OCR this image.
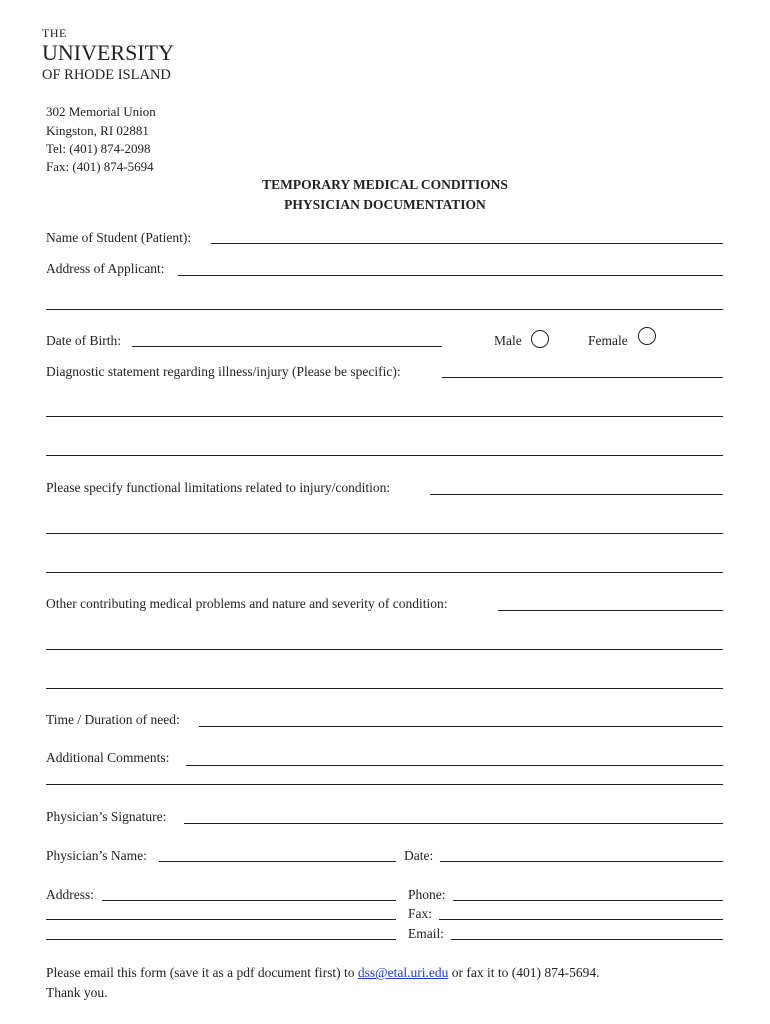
THE
UNIVERSITY
OF RHODE ISLAND
302 Memorial Union
Kingston, RI 02881
Tel: (401) 874-2098
Fax: (401) 874-5694
TEMPORARY MEDICAL CONDITIONS
PHYSICIAN DOCUMENTATION
Name of Student (Patient):
Address of Applicant:
Date of Birth:	Male	Female
Diagnostic statement regarding illness/injury (Please be specific):
Please specify functional limitations related to injury/condition:
Other contributing medical problems and nature and severity of condition:
Time / Duration of need:
Additional Comments:
Physician’s Signature:
Physician’s Name:	Date:
Address:	Phone:
Fax:
Email:
Please email this form (save it as a pdf document first) to dss@etal.uri.edu or fax it to (401) 874-5694.
Thank you.
